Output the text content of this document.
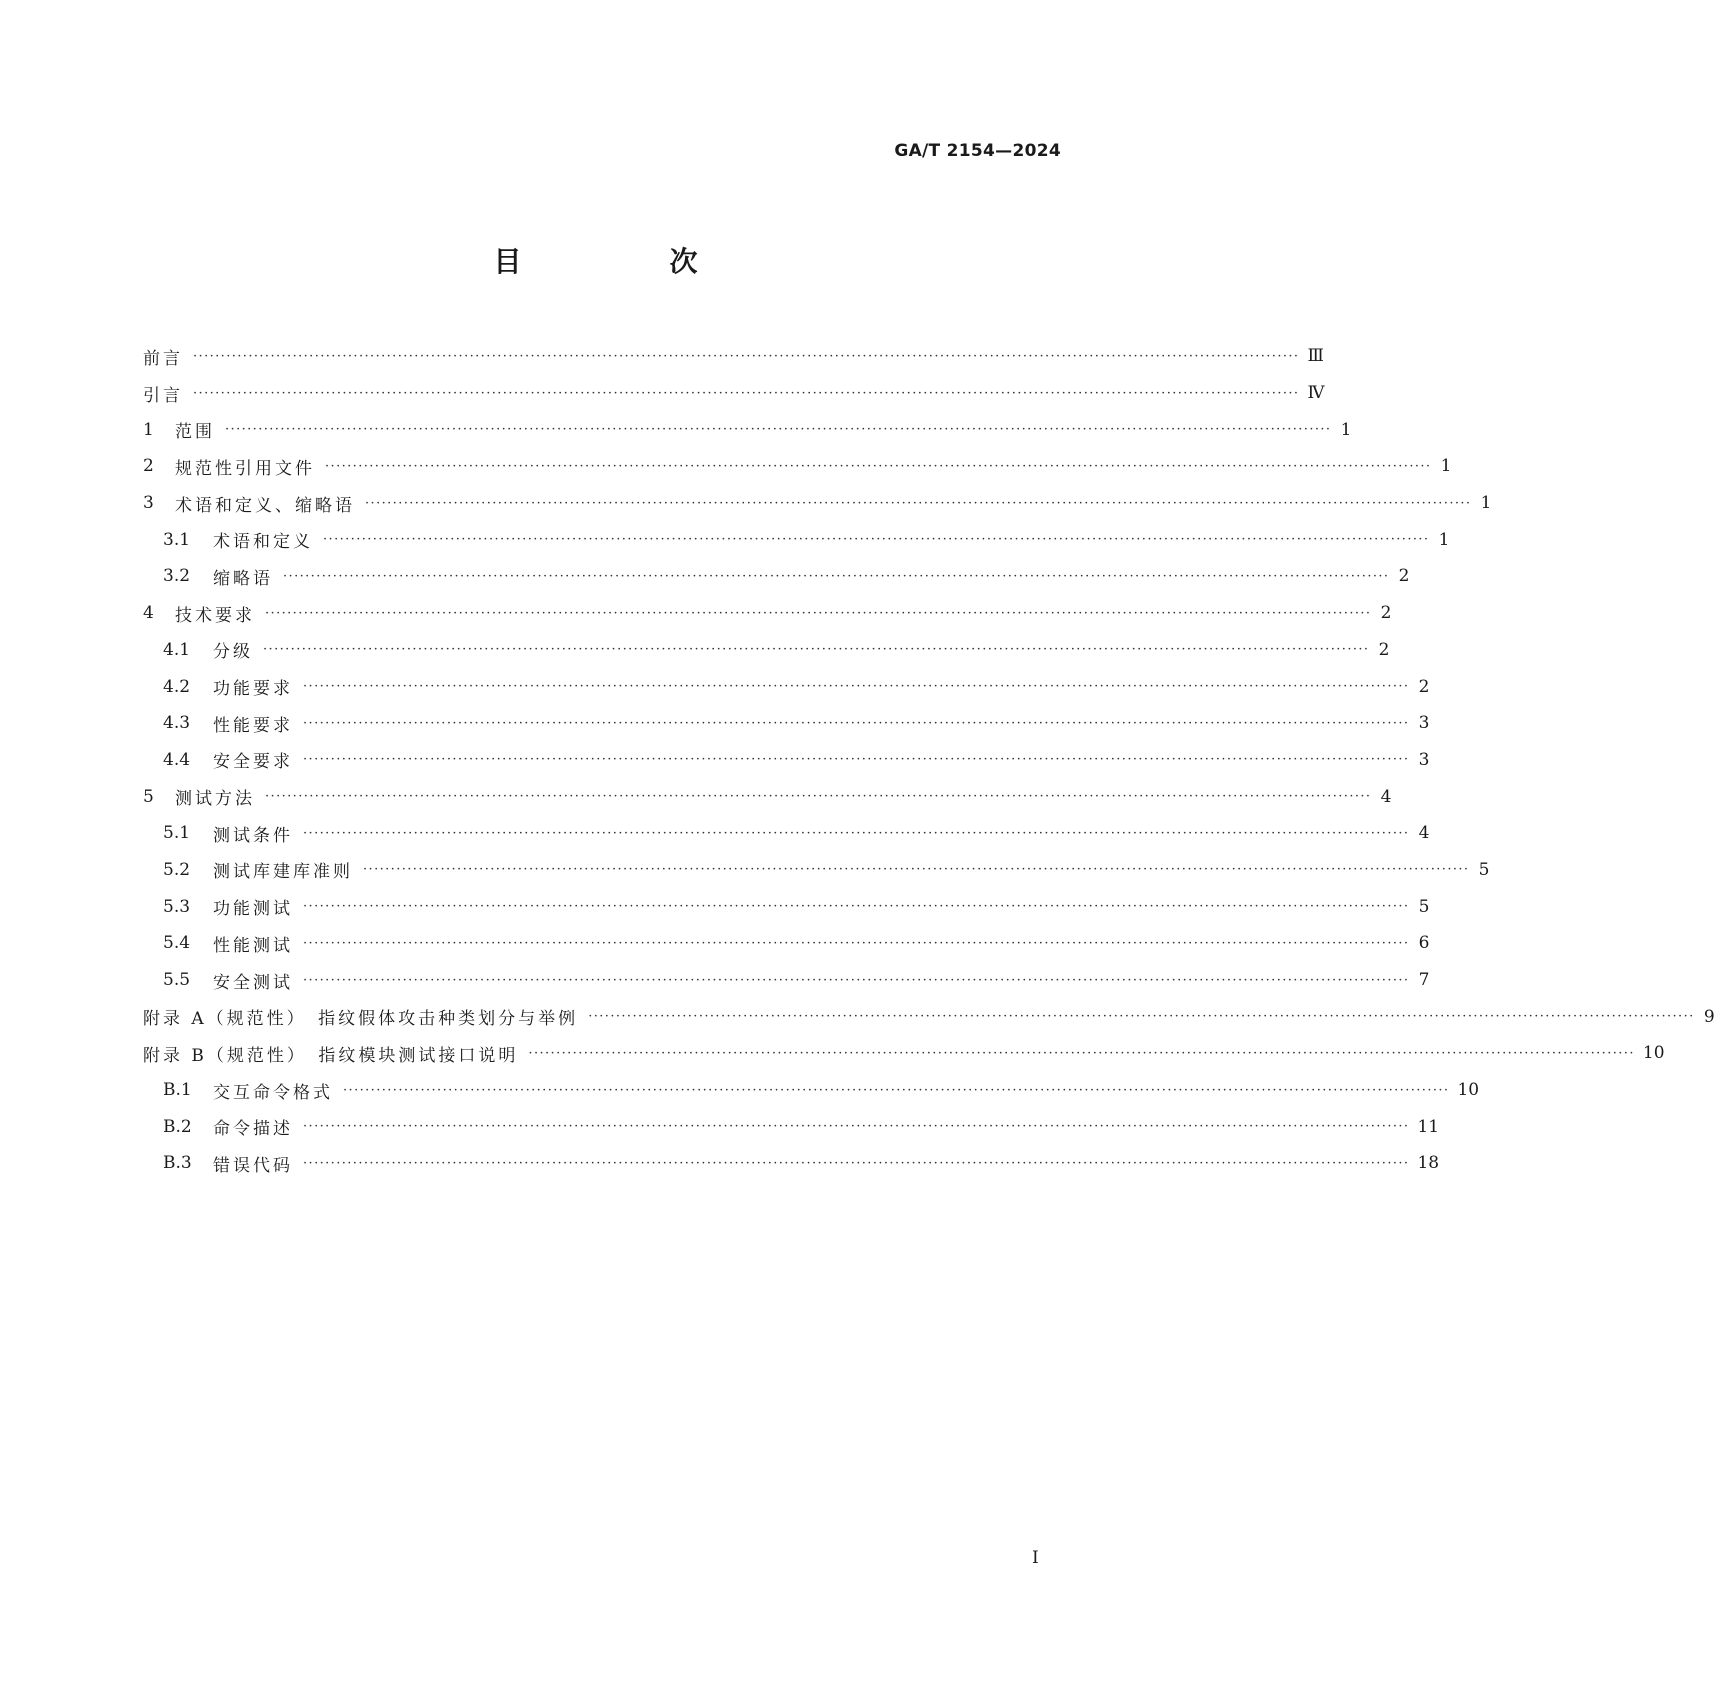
GA/T 2154—2024
目　次
前言 ········································································································································································································ Ⅲ
引言 ········································································································································································································ Ⅳ
1	范围 ········································································································································································································ 1
2	规范性引用文件 ········································································································································································································ 1
3	术语和定义、缩略语 ········································································································································································································ 1
3.1	术语和定义 ········································································································································································································ 1
3.2	缩略语 ········································································································································································································ 2
4	技术要求 ········································································································································································································ 2
4.1	分级 ········································································································································································································ 2
4.2	功能要求 ········································································································································································································ 2
4.3	性能要求 ········································································································································································································ 3
4.4	安全要求 ········································································································································································································ 3
5	测试方法 ········································································································································································································ 4
5.1	测试条件 ········································································································································································································ 4
5.2	测试库建库准则 ········································································································································································································ 5
5.3	功能测试 ········································································································································································································ 5
5.4	性能测试 ········································································································································································································ 6
5.5	安全测试 ········································································································································································································ 7
附录 A（规范性）　指纹假体攻击种类划分与举例 ········································································································································································································ 9
附录 B（规范性）　指纹模块测试接口说明 ········································································································································································································ 10
B.1	交互命令格式 ········································································································································································································ 10
B.2	命令描述 ········································································································································································································ 11
B.3	错误代码 ········································································································································································································ 18
Ⅰ
